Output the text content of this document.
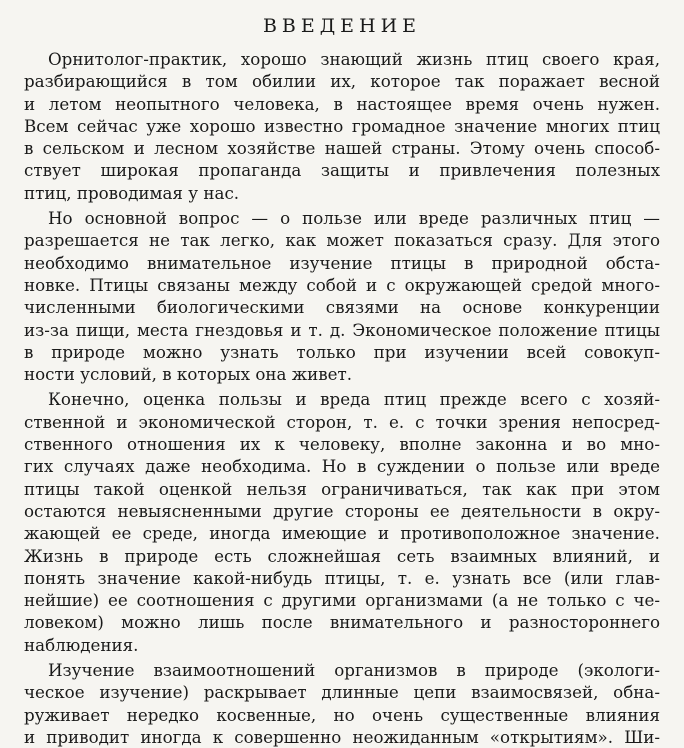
ВВЕДЕНИЕ
Орнитолог-практик, хорошо знающий жизнь птиц своего края,
разбирающийся в том обилии их, которое так поражает весной
и летом неопытного человека, в настоящее время очень нужен.
Всем сейчас уже хорошо известно громадное значение многих птиц
в сельском и лесном хозяйстве нашей страны. Этому очень способ-
ствует широкая пропаганда защиты и привлечения полезных
птиц, проводимая у нас.
Но основной вопрос — о пользе или вреде различных птиц —
разрешается не так легко, как может показаться сразу. Для этого
необходимо внимательное изучение птицы в природной обста-
новке. Птицы связаны между собой и с окружающей средой много-
численными биологическими связями на основе конкуренции
из-за пищи, места гнездовья и т. д. Экономическое положение птицы
в природе можно узнать только при изучении всей совокуп-
ности условий, в которых она живет.
Конечно, оценка пользы и вреда птиц прежде всего с хозяй-
ственной и экономической сторон, т. е. с точки зрения непосред-
ственного отношения их к человеку, вполне законна и во мно-
гих случаях даже необходима. Но в суждении о пользе или вреде
птицы такой оценкой нельзя ограничиваться, так как при этом
остаются невыясненными другие стороны ее деятельности в окру-
жающей ее среде, иногда имеющие и противоположное значение.
Жизнь в природе есть сложнейшая сеть взаимных влияний, и
понять значение какой-нибудь птицы, т. е. узнать все (или глав-
нейшие) ее соотношения с другими организмами (а не только с че-
ловеком) можно лишь после внимательного и разностороннего
наблюдения.
Изучение взаимоотношений организмов в природе (экологи-
ческое изучение) раскрывает длинные цепи взаимосвязей, обна-
руживает нередко косвенные, но очень существенные влияния
и приводит иногда к совершенно неожиданным «открытиям». Ши-
